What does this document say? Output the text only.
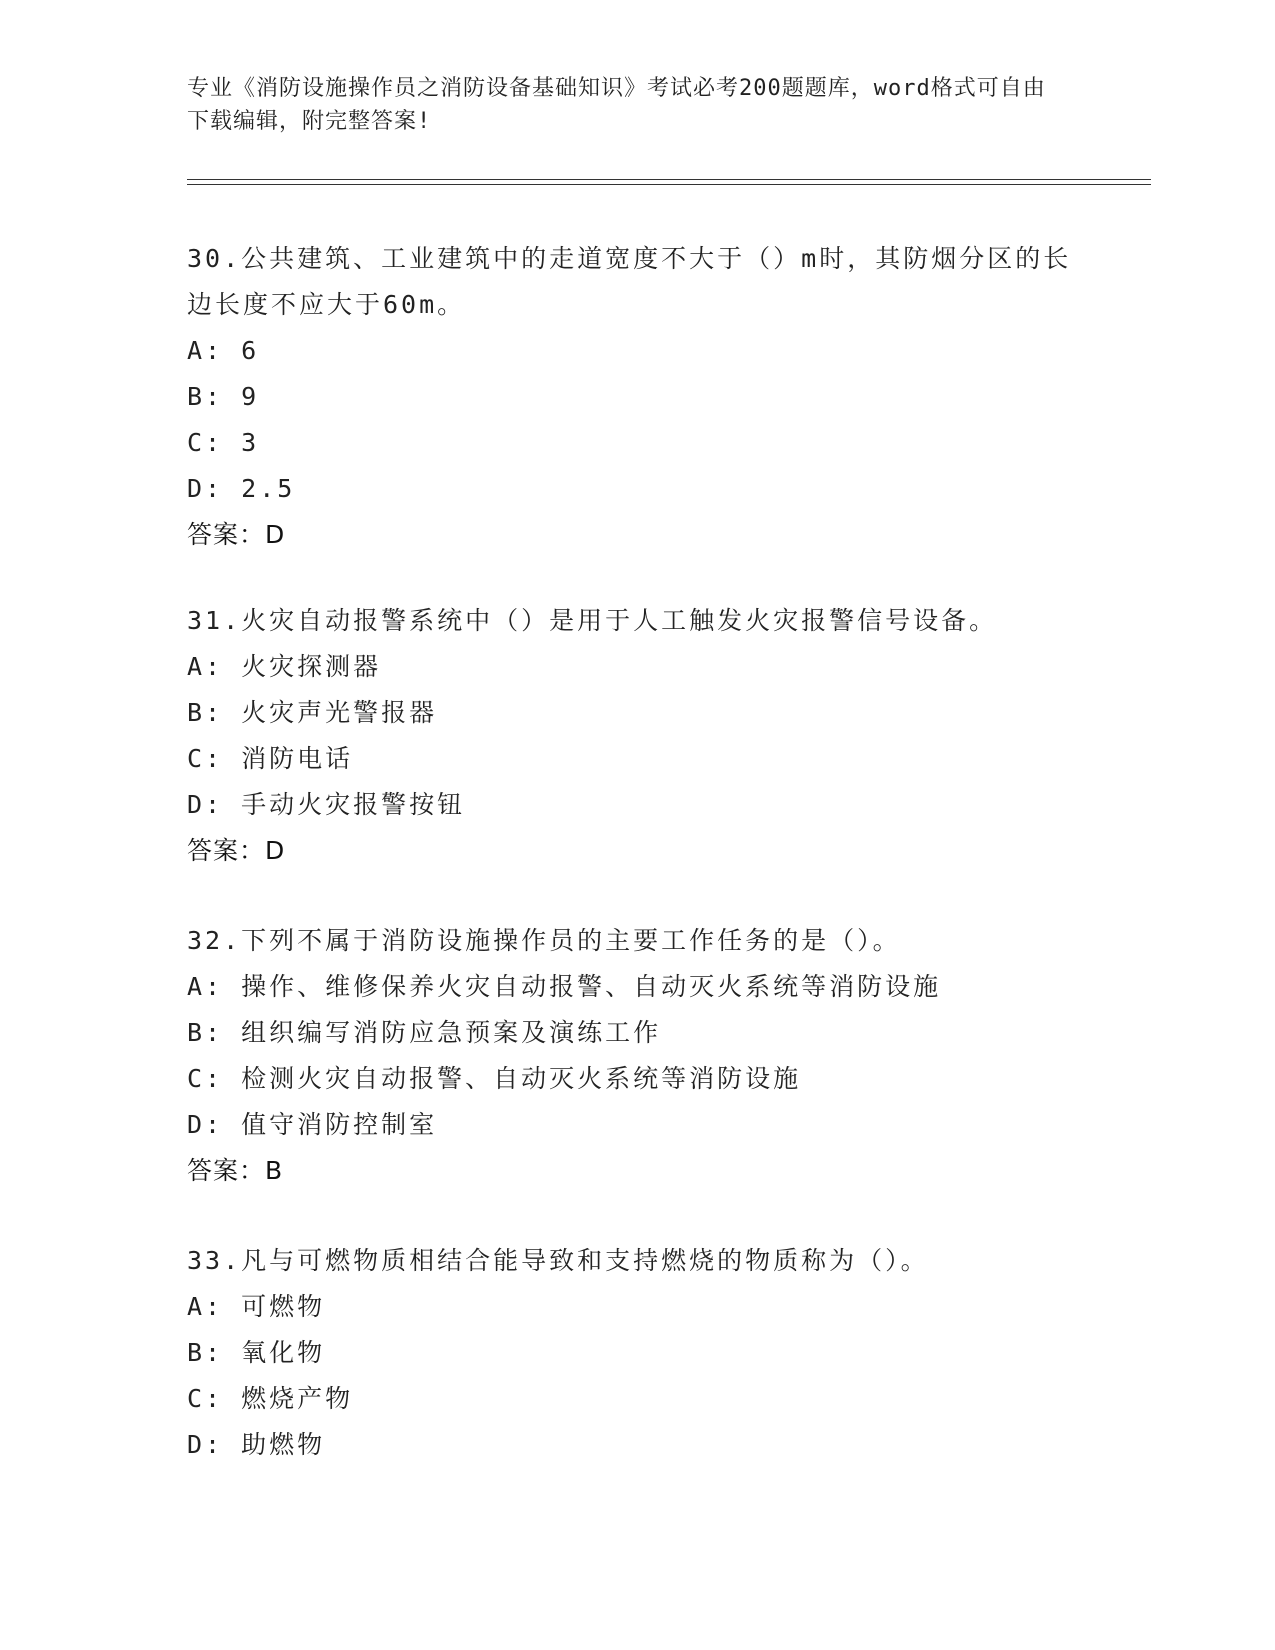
专业《消防设施操作员之消防设备基础知识》考试必考200题题库，word格式可自由下载编辑，附完整答案!
30.公共建筑、工业建筑中的走道宽度不大于（）m时，其防烟分区的长边长度不应大于60m。
A: 6
B: 9
C: 3
D: 2.5
答案：D
31.火灾自动报警系统中（）是用于人工触发火灾报警信号设备。
A: 火灾探测器
B: 火灾声光警报器
C: 消防电话
D: 手动火灾报警按钮
答案：D
32.下列不属于消防设施操作员的主要工作任务的是（）。
A: 操作、维修保养火灾自动报警、自动灭火系统等消防设施
B: 组织编写消防应急预案及演练工作
C: 检测火灾自动报警、自动灭火系统等消防设施
D: 值守消防控制室
答案：B
33.凡与可燃物质相结合能导致和支持燃烧的物质称为（）。
A: 可燃物
B: 氧化物
C: 燃烧产物
D: 助燃物
